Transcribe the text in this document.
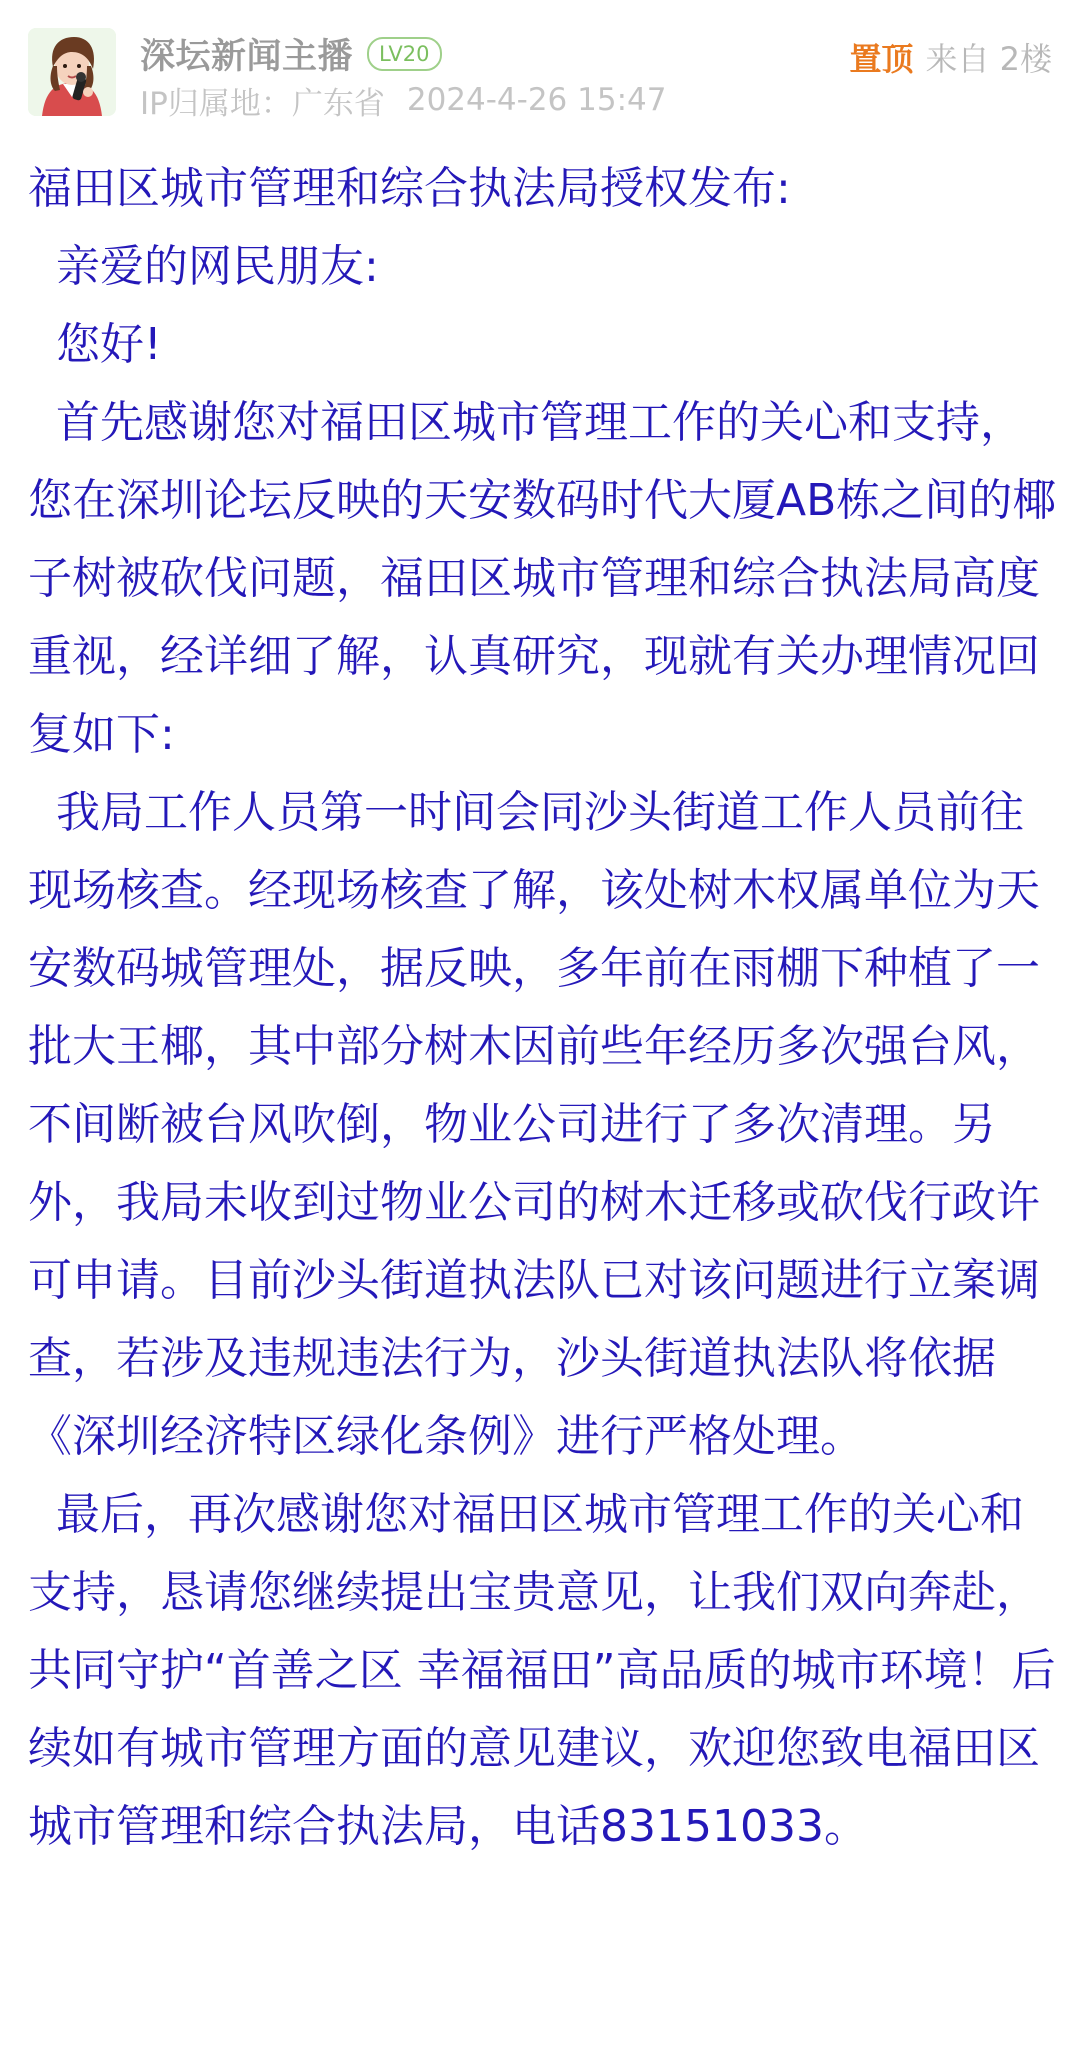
深坛新闻主播	LV20
IP归属地： 广东省 2024-4-26 15:47
置顶 来自 2楼

福田区城市管理和综合执法局授权发布:

亲爱的网民朋友:

您好!

首先感谢您对福田区城市管理工作的关心和支持，您在深圳论坛反映的天安数码时代大厦AB栋之间的椰子树被砍伐问题，福田区城市管理和综合执法局高度重视，经详细了解，认真研究，现就有关办理情况回复如下:

我局工作人员第一时间会同沙头街道工作人员前往现场核查。经现场核查了解，该处树木权属单位为天安数码城管理处，据反映，多年前在雨棚下种植了一批大王椰，其中部分树木因前些年经历多次强台风，不间断被台风吹倒，物业公司进行了多次清理。另外，我局未收到过物业公司的树木迁移或砍伐行政许可申请。目前沙头街道执法队已对该问题进行立案调查，若涉及违规违法行为，沙头街道执法队将依据《深圳经济特区绿化条例》进行严格处理。

最后，再次感谢您对福田区城市管理工作的关心和支持，恳请您继续提出宝贵意见，让我们双向奔赴，共同守护“首善之区 幸福福田”高品质的城市环境！后续如有城市管理方面的意见建议，欢迎您致电福田区城市管理和综合执法局，电话83151033。
